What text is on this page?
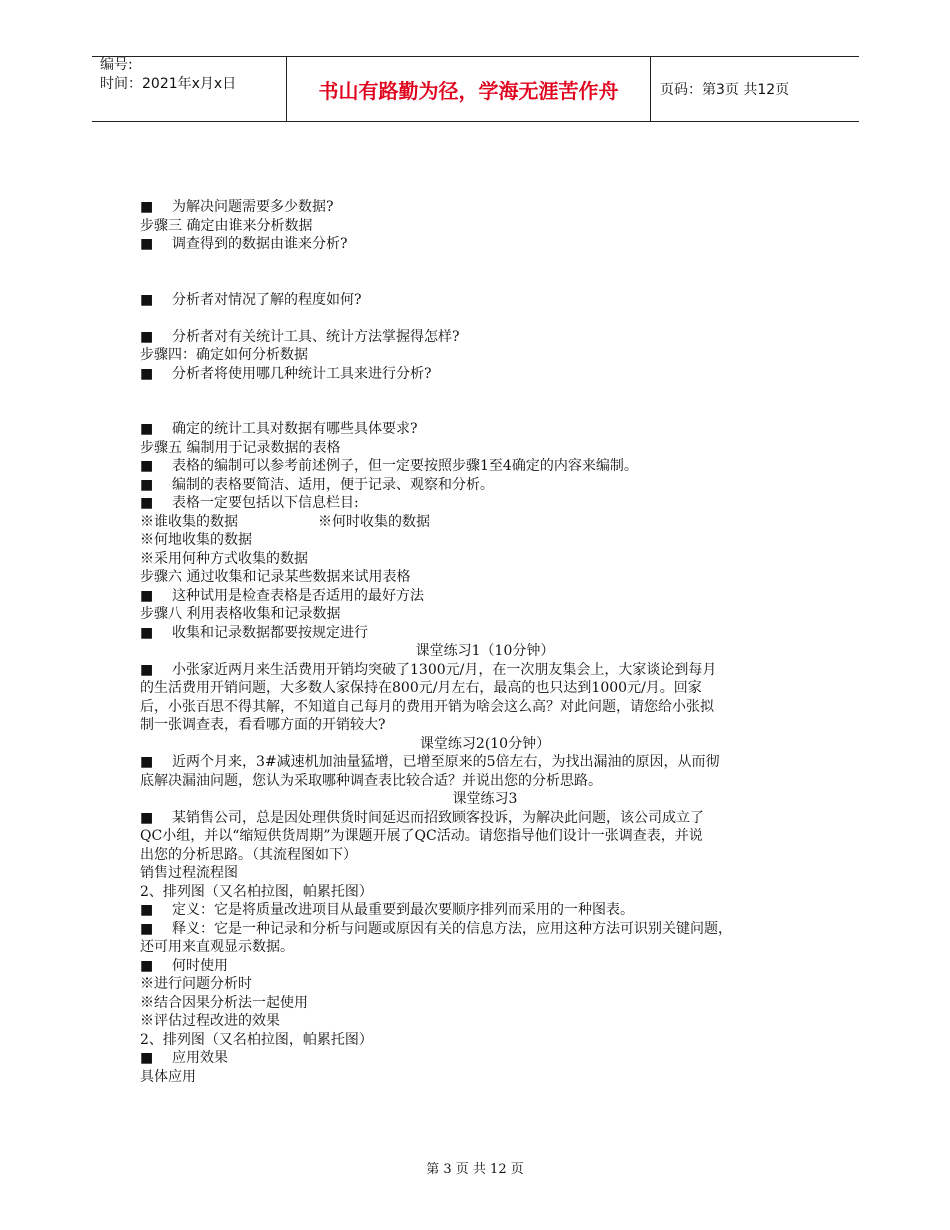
编号:
时间：2021年x月x日	书山有路勤为径，学海无涯苦作舟	页码：第3页 共12页
■ 为解决问题需要多少数据?
步骤三 确定由谁来分析数据
■ 调查得到的数据由谁来分析?
■ 分析者对情况了解的程度如何?
■ 分析者对有关统计工具、统计方法掌握得怎样?
步骤四：确定如何分析数据
■ 分析者将使用哪几种统计工具来进行分析?
■ 确定的统计工具对数据有哪些具体要求?
步骤五 编制用于记录数据的表格
■ 表格的编制可以参考前述例子，但一定要按照步骤1至4确定的内容来编制。
■ 编制的表格要简洁、适用，便于记录、观察和分析。
■ 表格一定要包括以下信息栏目:
※谁收集的数据	※何时收集的数据
※何地收集的数据
※采用何种方式收集的数据
步骤六 通过收集和记录某些数据来试用表格
■ 这种试用是检查表格是否适用的最好方法
步骤八 利用表格收集和记录数据
■ 收集和记录数据都要按规定进行
课堂练习1（10分钟）
■ 小张家近两月来生活费用开销均突破了1300元/月，在一次朋友集会上，大家谈论到每月
的生活费用开销问题，大多数人家保持在800元/月左右，最高的也只达到1000元/月。回家
后，小张百思不得其解，不知道自己每月的费用开销为啥会这么高？对此问题，请您给小张拟
制一张调查表，看看哪方面的开销较大?
课堂练习2(10分钟）
■ 近两个月来，3#减速机加油量猛增，已增至原来的5倍左右，为找出漏油的原因，从而彻
底解决漏油问题，您认为采取哪种调查表比较合适？并说出您的分析思路。
课堂练习3
■ 某销售公司，总是因处理供货时间延迟而招致顾客投诉，为解决此问题，该公司成立了
QC小组，并以“缩短供货周期”为课题开展了QC活动。请您指导他们设计一张调查表，并说
出您的分析思路。（其流程图如下）
销售过程流程图
2、排列图（又名柏拉图，帕累托图）
■ 定义：它是将质量改进项目从最重要到最次要顺序排列而采用的一种图表。
■ 释义：它是一种记录和分析与问题或原因有关的信息方法，应用这种方法可识别关键问题，
还可用来直观显示数据。
■ 何时使用
※进行问题分析时
※结合因果分析法一起使用
※评估过程改进的效果
2、排列图（又名柏拉图，帕累托图）
■ 应用效果
具体应用
第 3 页 共 12 页
